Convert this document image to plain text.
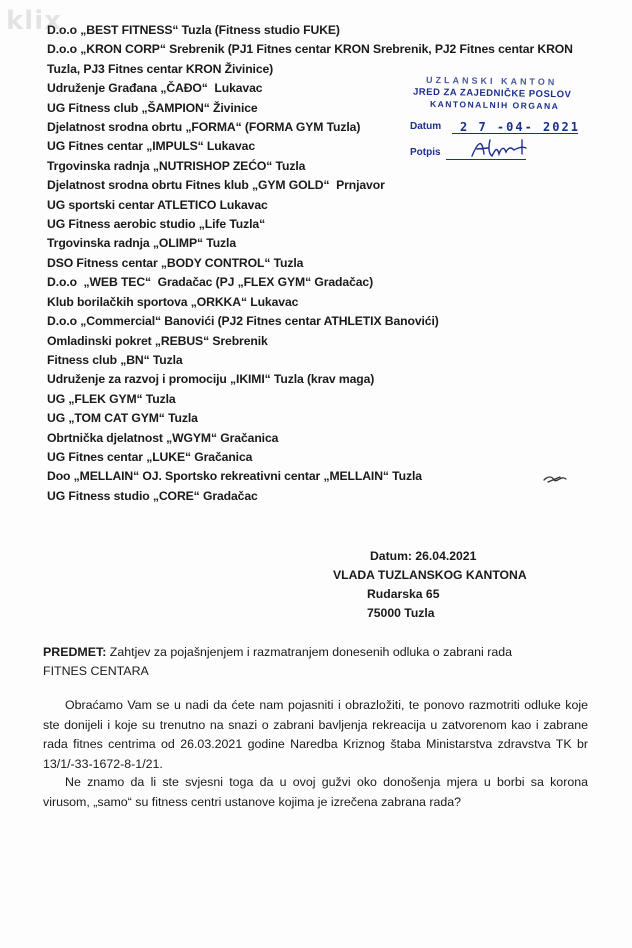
klix
D.o.o „BEST FITNESS“ Tuzla (Fitness studio FUKE)
D.o.o „KRON CORP“ Srebrenik (PJ1 Fitnes centar KRON Srebrenik, PJ2 Fitnes centar KRON
Tuzla, PJ3 Fitnes centar KRON Živinice)
Udruženje Građana „ČAĐO“  Lukavac
UG Fitness club „ŠAMPION“ Živinice
Djelatnost srodna obrtu „FORMA“ (FORMA GYM Tuzla)
UG Fitnes centar „IMPULS“ Lukavac
Trgovinska radnja „NUTRISHOP ZEĆO“ Tuzla
Djelatnost srodna obrtu Fitnes klub „GYM GOLD“  Prnjavor
UG sportski centar ATLETICO Lukavac
UG Fitness aerobic studio „Life Tuzla“
Trgovinska radnja „OLIMP“ Tuzla
DSO Fitness centar „BODY CONTROL“ Tuzla
D.o.o  „WEB TEC“  Gradačac (PJ „FLEX GYM“ Gradačac)
Klub borilačkih sportova „ORKKA“ Lukavac
D.o.o „Commercial“ Banovići (PJ2 Fitnes centar ATHLETIX Banovići)
Omladinski pokret „REBUS“ Srebrenik
Fitness club „BN“ Tuzla
Udruženje za razvoj i promociju „IKIMI“ Tuzla (krav maga)
UG „FLEK GYM“ Tuzla
UG „TOM CAT GYM“ Tuzla
Obrtnička djelatnost „WGYM“ Gračanica
UG Fitnes centar „LUKE“ Gračanica
Doo „MELLAIN“ OJ. Sportsko rekreativni centar „MELLAIN“ Tuzla
UG Fitness studio „CORE“ Gradačac
UZLANSKI KANTON
JRED ZA ZAJEDNIČKE POSLOV
KANTONALNIH ORGANA
Datum 2 7 -04- 2021
Potpis
Datum: 26.04.2021
VLADA TUZLANSKOG KANTONA
Rudarska 65
75000 Tuzla
PREDMET: Zahtjev za pojašnjenjem i razmatranjem donesenih odluka o zabrani rada
FITNES CENTARA
Obraćamo Vam se u nadi da ćete nam pojasniti i obrazložiti, te ponovo razmotriti odluke koje ste donijeli i koje su trenutno na snazi o zabrani bavljenja rekreacija u zatvorenom kao i zabrane rada fitnes centrima od 26.03.2021 godine Naredba Kriznog štaba Ministarstva zdravstva TK br 13/1/-33-1672-8-1/21.
Ne znamo da li ste svjesni toga da u ovoj gužvi oko donošenja mjera u borbi sa korona virusom, „samo“ su fitness centri ustanove kojima je izrečena zabrana rada?
